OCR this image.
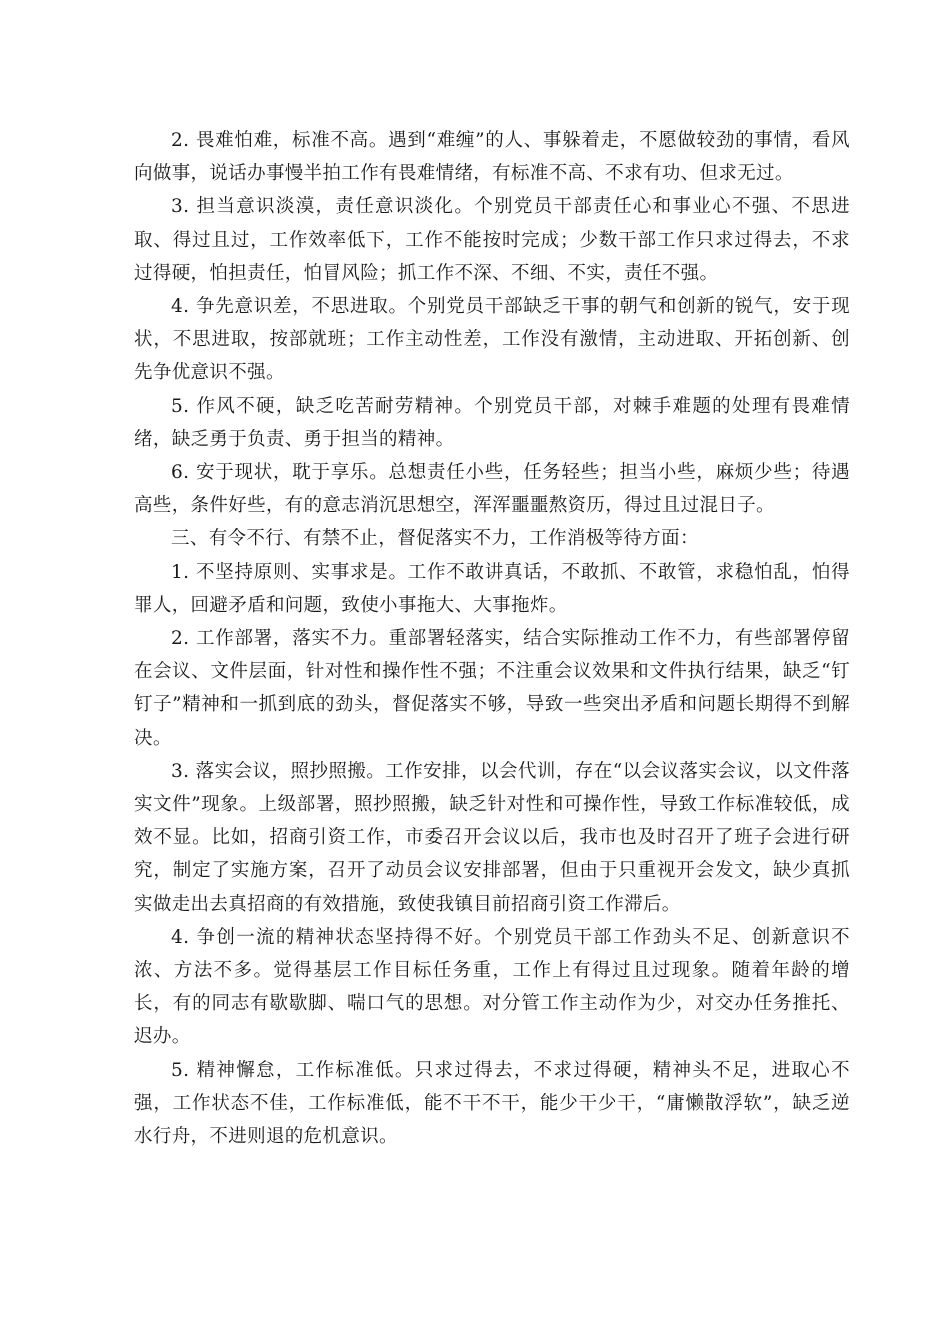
2. 畏难怕难，标准不高。遇到“难缠”的人、事躲着走，不愿做较劲的事情，看风向做事，说话办事慢半拍工作有畏难情绪，有标准不高、不求有功、但求无过。

3. 担当意识淡漠，责任意识淡化。个别党员干部责任心和事业心不强、不思进取、得过且过，工作效率低下，工作不能按时完成；少数干部工作只求过得去，不求过得硬，怕担责任，怕冒风险；抓工作不深、不细、不实，责任不强。

4. 争先意识差，不思进取。个别党员干部缺乏干事的朝气和创新的锐气，安于现状，不思进取，按部就班；工作主动性差，工作没有激情，主动进取、开拓创新、创先争优意识不强。

5. 作风不硬，缺乏吃苦耐劳精神。个别党员干部，对棘手难题的处理有畏难情绪，缺乏勇于负责、勇于担当的精神。

6. 安于现状，耽于享乐。总想责任小些，任务轻些；担当小些，麻烦少些；待遇高些，条件好些，有的意志消沉思想空，浑浑噩噩熬资历，得过且过混日子。

三、有令不行、有禁不止，督促落实不力，工作消极等待方面：

1. 不坚持原则、实事求是。工作不敢讲真话，不敢抓、不敢管，求稳怕乱，怕得罪人，回避矛盾和问题，致使小事拖大、大事拖炸。

2. 工作部署，落实不力。重部署轻落实，结合实际推动工作不力，有些部署停留在会议、文件层面，针对性和操作性不强；不注重会议效果和文件执行结果，缺乏“钉钉子”精神和一抓到底的劲头，督促落实不够，导致一些突出矛盾和问题长期得不到解决。

3. 落实会议，照抄照搬。工作安排，以会代训，存在“以会议落实会议，以文件落实文件”现象。上级部署，照抄照搬，缺乏针对性和可操作性，导致工作标准较低，成效不显。比如，招商引资工作，市委召开会议以后，我市也及时召开了班子会进行研究，制定了实施方案，召开了动员会议安排部署，但由于只重视开会发文，缺少真抓实做走出去真招商的有效措施，致使我镇目前招商引资工作滞后。

4. 争创一流的精神状态坚持得不好。个别党员干部工作劲头不足、创新意识不浓、方法不多。觉得基层工作目标任务重，工作上有得过且过现象。随着年龄的增长，有的同志有歇歇脚、喘口气的思想。对分管工作主动作为少，对交办任务推托、迟办。

5. 精神懈怠，工作标准低。只求过得去，不求过得硬，精神头不足，进取心不强，工作状态不佳，工作标准低，能不干不干，能少干少干，“庸懒散浮软”，缺乏逆水行舟，不进则退的危机意识。
